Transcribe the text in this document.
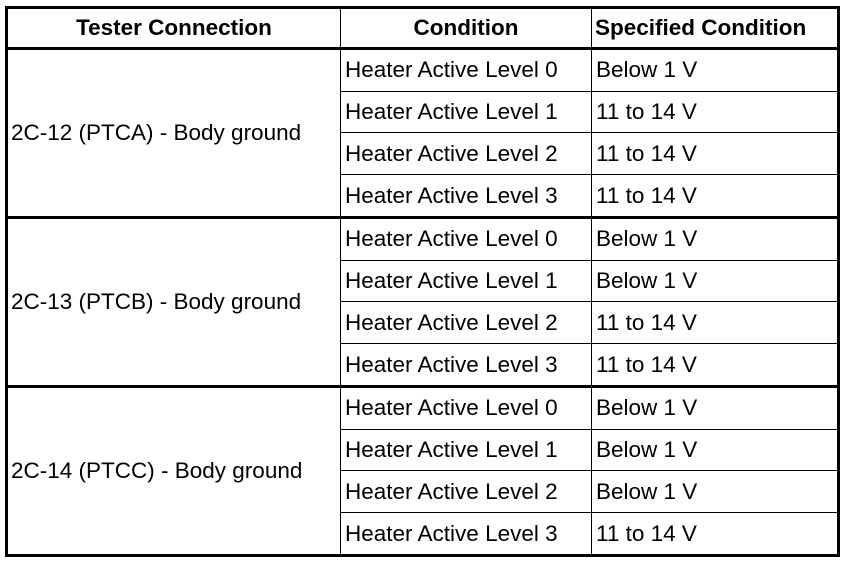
Tester Connection	Condition	Specified Condition
2C-12 (PTCA) - Body ground	Heater Active Level 0	Below 1 V
	Heater Active Level 1	11 to 14 V
	Heater Active Level 2	11 to 14 V
	Heater Active Level 3	11 to 14 V
2C-13 (PTCB) - Body ground	Heater Active Level 0	Below 1 V
	Heater Active Level 1	Below 1 V
	Heater Active Level 2	11 to 14 V
	Heater Active Level 3	11 to 14 V
2C-14 (PTCC) - Body ground	Heater Active Level 0	Below 1 V
	Heater Active Level 1	Below 1 V
	Heater Active Level 2	Below 1 V
	Heater Active Level 3	11 to 14 V
